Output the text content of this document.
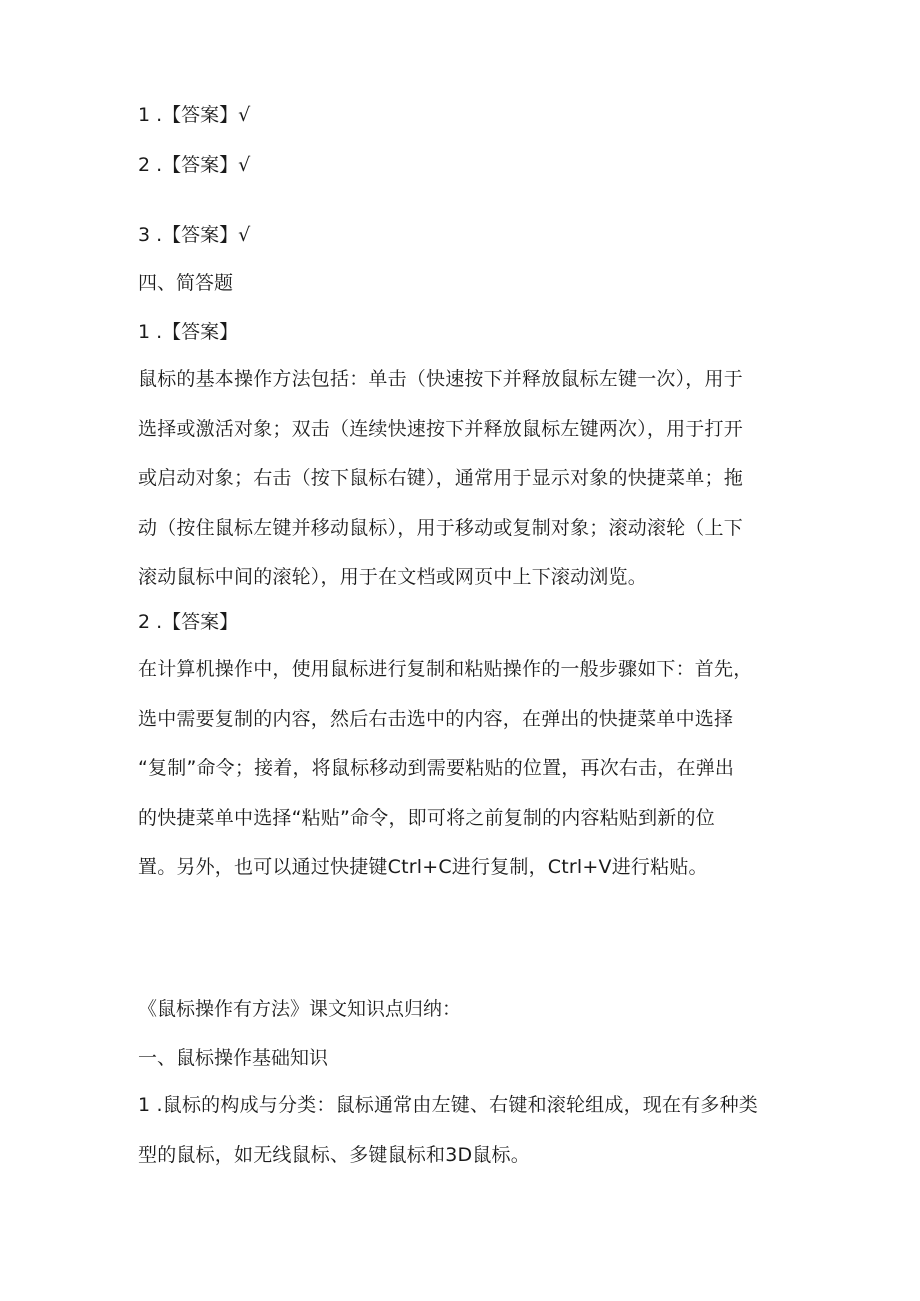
1 .【答案】√
2 .【答案】√
3 .【答案】√
四、简答题
1 .【答案】

鼠标的基本操作方法包括：单击（快速按下并释放鼠标左键一次），用于

选择或激活对象；双击（连续快速按下并释放鼠标左键两次），用于打开

或启动对象；右击（按下鼠标右键），通常用于显示对象的快捷菜单；拖

动（按住鼠标左键并移动鼠标），用于移动或复制对象；滚动滚轮（上下

滚动鼠标中间的滚轮），用于在文档或网页中上下滚动浏览。

2 .【答案】

在计算机操作中，使用鼠标进行复制和粘贴操作的一般步骤如下：首先，

选中需要复制的内容，然后右击选中的内容，在弹出的快捷菜单中选择

“复制”命令；接着，将鼠标移动到需要粘贴的位置，再次右击，在弹出

的快捷菜单中选择“粘贴”命令，即可将之前复制的内容粘贴到新的位

置。另外，也可以通过快捷键Ctrl+C进行复制，Ctrl+V进行粘贴。

《鼠标操作有方法》课文知识点归纳：
一、鼠标操作基础知识

1 .鼠标的构成与分类：鼠标通常由左键、右键和滚轮组成，现在有多种类

型的鼠标，如无线鼠标、多键鼠标和3D鼠标。
